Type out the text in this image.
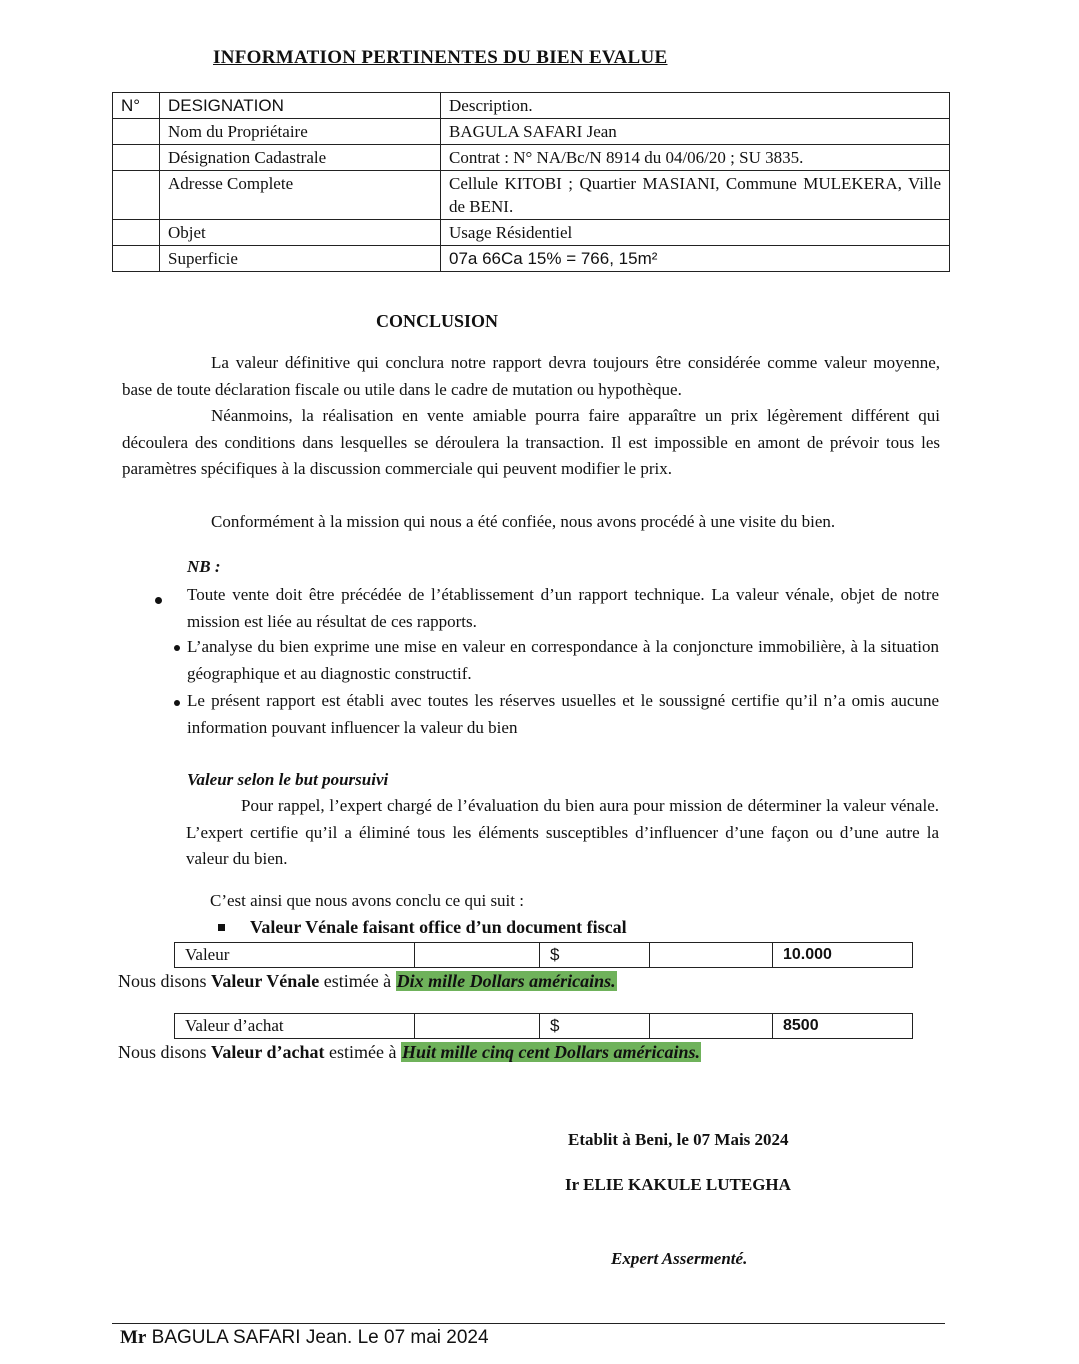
INFORMATION PERTINENTES DU BIEN EVALUE
N°	DESIGNATION	Description.
	Nom du Propriétaire	BAGULA SAFARI Jean
	Désignation Cadastrale	Contrat : N° NA/Bc/N 8914 du 04/06/20 ; SU 3835.
	Adresse Complete	Cellule KITOBI ; Quartier MASIANI, Commune MULEKERA, Ville de BENI.
	Objet	Usage Résidentiel
	Superficie	07a 66Ca 15% = 766, 15m²
CONCLUSION
La valeur définitive qui conclura notre rapport devra toujours être considérée comme valeur moyenne, base de toute déclaration fiscale ou utile dans le cadre de mutation ou hypothèque.
Néanmoins, la réalisation en vente amiable pourra faire apparaître un prix légèrement différent qui découlera des conditions dans lesquelles se déroulera la transaction. Il est impossible en amont de prévoir tous les paramètres spécifiques à la discussion commerciale qui peuvent modifier le prix.
Conformément à la mission qui nous a été confiée, nous avons procédé à une visite du bien.
NB :
Toute vente doit être précédée de l’établissement d’un rapport technique. La valeur vénale, objet de notre mission est liée au résultat de ces rapports.
L’analyse du bien exprime une mise en valeur en correspondance à la conjoncture immobilière, à la situation géographique et au diagnostic constructif.
Le présent rapport est établi avec toutes les réserves usuelles et le soussigné certifie qu’il n’a omis aucune information pouvant influencer la valeur du bien
Valeur selon le but poursuivi
Pour rappel, l’expert chargé de l’évaluation du bien aura pour mission de déterminer la valeur vénale. L’expert certifie qu’il a éliminé tous les éléments susceptibles d’influencer d’une façon ou d’une autre la valeur du bien.
C’est ainsi que nous avons conclu ce qui suit :
Valeur Vénale faisant office d’un document fiscal
Valeur		$		10.000
Nous disons Valeur Vénale estimée à Dix mille Dollars américains.
Valeur d’achat		$		8500
Nous disons Valeur d’achat estimée à Huit mille cinq cent Dollars américains.
Etablit à Beni, le 07 Mais 2024
Ir ELIE KAKULE LUTEGHA
Expert Assermenté.
Mr BAGULA SAFARI Jean. Le 07 mai 2024
